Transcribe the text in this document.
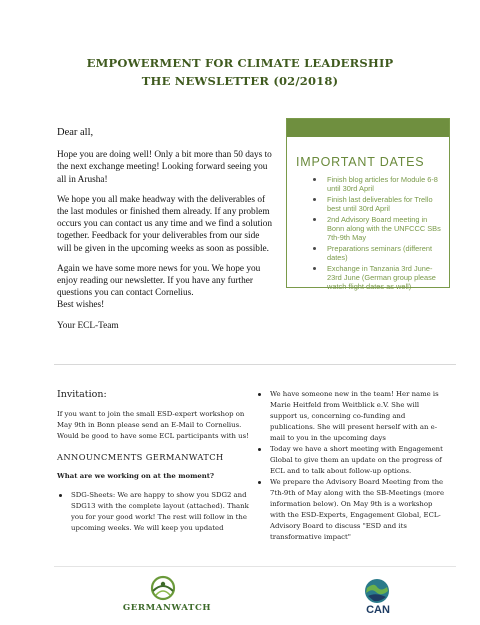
EMPOWERMENT FOR CLIMATE LEADERSHIP
THE NEWSLETTER (02/2018)

Dear all,

Hope you are doing well! Only a bit more than 50 days to the next exchange meeting! Looking forward seeing you all in Arusha!

We hope you all make headway with the deliverables of the last modules or finished them already. If any problem occurs you can contact us any time and we find a solution together. Feedback for your deliverables from our side will be given in the upcoming weeks as soon as possible.

Again we have some more news for you. We hope you enjoy reading our newsletter. If you have any further questions you can contact Cornelius.

Best wishes!

Your ECL-Team

IMPORTANT DATES
Finish blog articles for Module 6-8 until 30rd April
Finish last deliverables for Trello best until 30rd April
2nd Advisory Board meeting in Bonn along with the UNFCCC SBs 7th-9th May
Preparations seminars (different dates)
Exchange in Tanzania 3rd June-23rd June (German group please watch flight dates as well)
Invitation:
If you want to join the small ESD-expert workshop on May 9th in Bonn please send an E-Mail to Cornelius. Would be good to have some ECL participants with us!
ANNOUNCMENTS GERMANWATCH
What are we working on at the moment?
SDG-Sheets: We are happy to show you SDG2 and SDG13 with the complete layout (attached). Thank you for your good work! The rest will follow in the upcoming weeks. We will keep you updated
We have someone new in the team! Her name is Marie Heitfeld from Weitblick e.V. She will support us, concerning co-funding and publications. She will present herself with an e-mail to you in the upcoming days
Today we have a short meeting with Engagement Global to give them an update on the progress of ECL and to talk about follow-up options.
We prepare the Advisory Board Meeting from the 7th-9th of May along with the SB-Meetings (more information below). On May 9th is a workshop with the ESD-Experts, Engagement Global, ECL-Advisory Board to discuss "ESD and its transformative impact"
GERMANWATCH	CAN
